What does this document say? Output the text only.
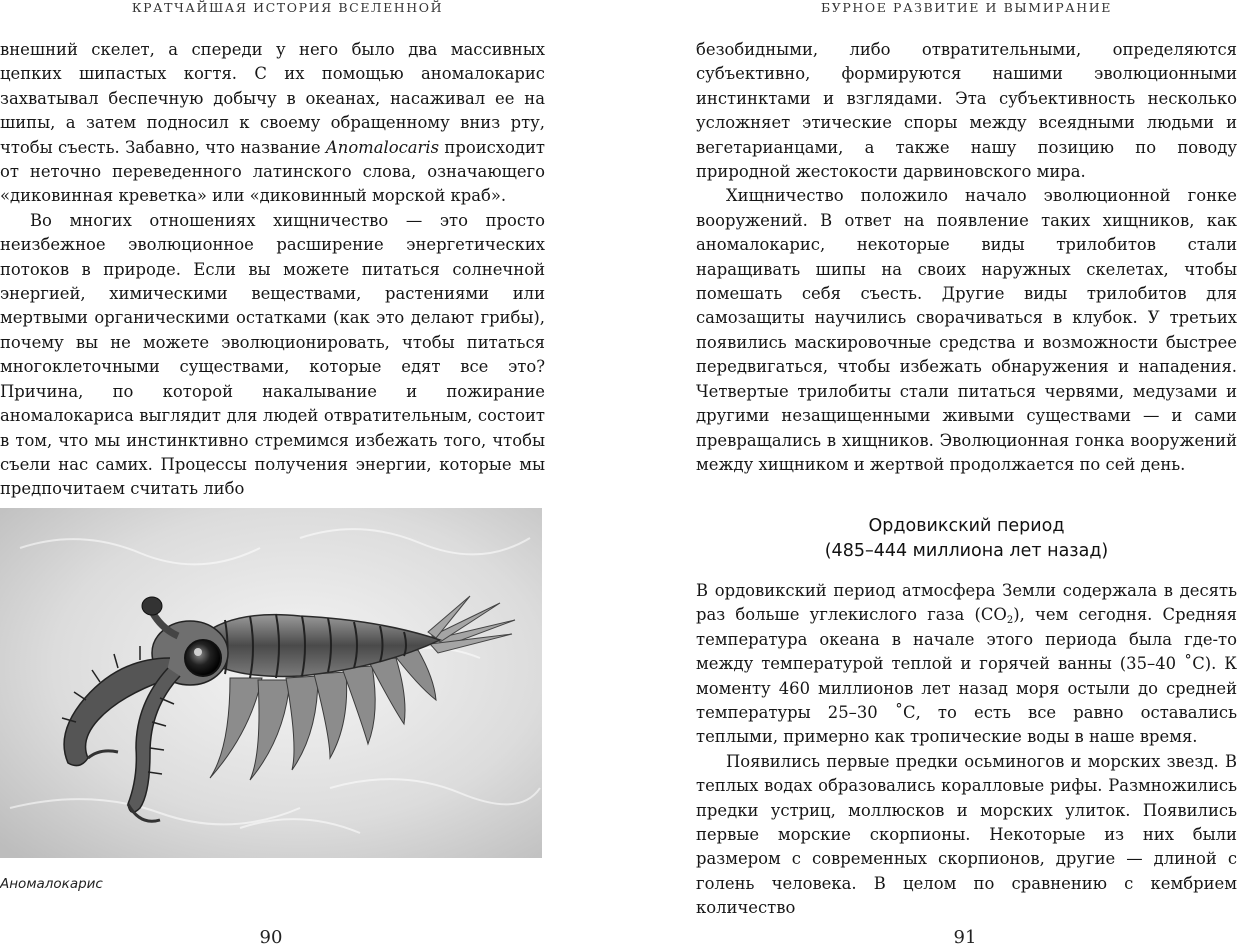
КРАТЧАЙШАЯ ИСТОРИЯ ВСЕЛЕННОЙ

внешний скелет, а спереди у него было два массивных цепких шипастых когтя. С их помощью аномалокарис захватывал беспечную добычу в океанах, насаживал ее на шипы, а затем подносил к своему обращенному вниз рту, чтобы съесть. Забавно, что название Anomalocaris происходит от неточно переведенного латинского слова, означающего «диковинная креветка» или «диковинный морской краб».

Во многих отношениях хищничество — это просто неизбежное эволюционное расширение энергетических потоков в природе. Если вы можете питаться солнечной энергией, химическими веществами, растениями или мертвыми органическими остатками (как это делают грибы), почему вы не можете эволюционировать, чтобы питаться многоклеточными существами, которые едят все это? Причина, по которой накалывание и пожирание аномалокариса выглядит для людей отвратительным, состоит в том, что мы инстинктивно стремимся избежать того, чтобы съели нас самих. Процессы получения энергии, которые мы предпочитаем считать либо

Аномалокарис
90
БУРНОЕ РАЗВИТИЕ И ВЫМИРАНИЕ

безобидными, либо отвратительными, определяются субъективно, формируются нашими эволюционными инстинктами и взглядами. Эта субъективность несколько усложняет этические споры между всеядными людьми и вегетарианцами, а также нашу позицию по поводу природной жестокости дарвиновского мира.

Хищничество положило начало эволюционной гонке вооружений. В ответ на появление таких хищников, как аномалокарис, некоторые виды трилобитов стали наращивать шипы на своих наружных скелетах, чтобы помешать себя съесть. Другие виды трилобитов для самозащиты научились сворачиваться в клубок. У третьих появились маскировочные средства и возможности быстрее передвигаться, чтобы избежать обнаружения и нападения. Четвертые трилобиты стали питаться червями, медузами и другими незащищенными живыми существами — и сами превращались в хищников. Эволюционная гонка вооружений между хищником и жертвой продолжается по сей день.

Ордовикский период
(485–444 миллиона лет назад)

В ордовикский период атмосфера Земли содержала в десять раз больше углекислого газа $(CO_2)$, чем сегодня. Средняя температура океана в начале этого периода была где-то между температурой теплой и горячей ванны (35–40 ˚С). К моменту 460 миллионов лет назад моря остыли до средней температуры 25–30 ˚С, то есть все равно оставались теплыми, примерно как тропические воды в наше время.

Появились первые предки осьминогов и морских звезд. В теплых водах образовались коралловые рифы. Размножились предки устриц, моллюсков и морских улиток. Появились первые морские скорпионы. Некоторые из них были размером с современных скорпионов, другие — длиной с голень человека. В целом по сравнению с кембрием количество

91
